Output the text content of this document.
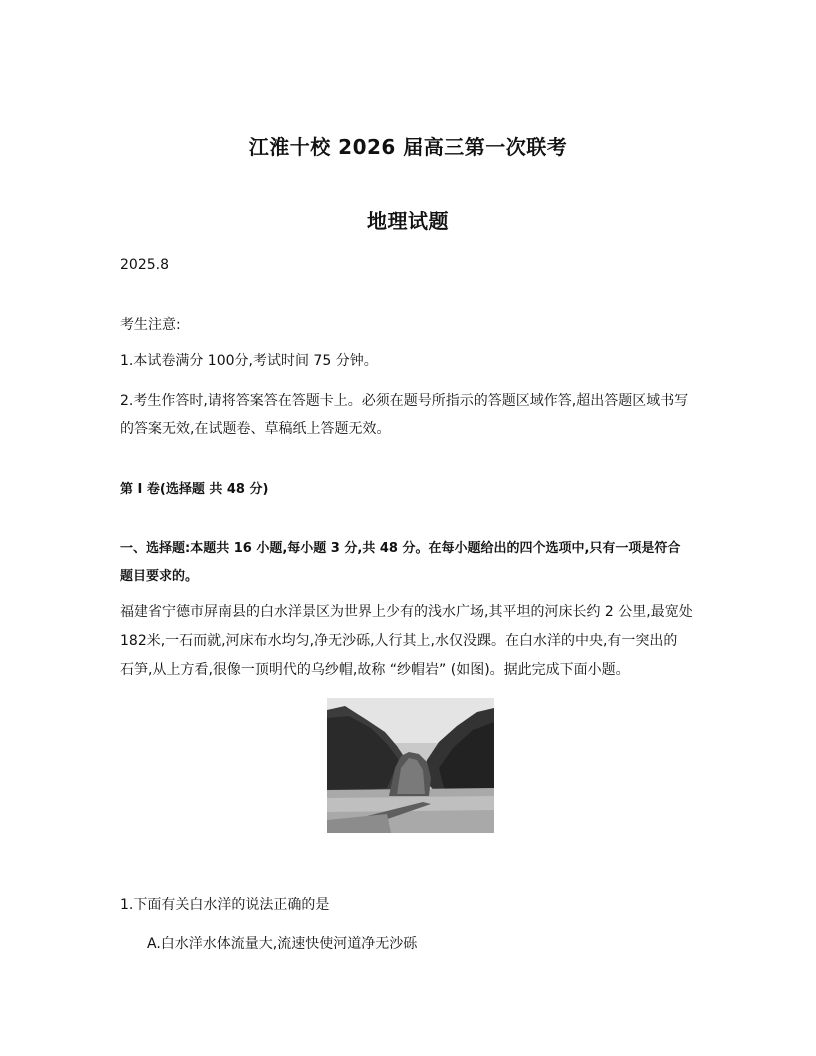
江淮十校 2026 届高三第一次联考
地理试题
2025.8
考生注意:
1.本试卷满分 100分,考试时间 75 分钟。
2.考生作答时,请将答案答在答题卡上。必须在题号所指示的答题区域作答,超出答题区域书写
的答案无效,在试题卷、草稿纸上答题无效。
第 I 卷(选择题 共 48 分)
一、选择题:本题共 16 小题,每小题 3 分,共 48 分。在每小题给出的四个选项中,只有一项是符合
题目要求的。
福建省宁德市屏南县的白水洋景区为世界上少有的浅水广场,其平坦的河床长约 2 公里,最宽处
182米,一石而就,河床布水均匀,净无沙砾,人行其上,水仅没踝。在白水洋的中央,有一突出的
石笋,从上方看,很像一顶明代的乌纱帽,故称 “纱帽岩” (如图)。据此完成下面小题。
1.下面有关白水洋的说法正确的是
A.白水洋水体流量大,流速快使河道净无沙砾
